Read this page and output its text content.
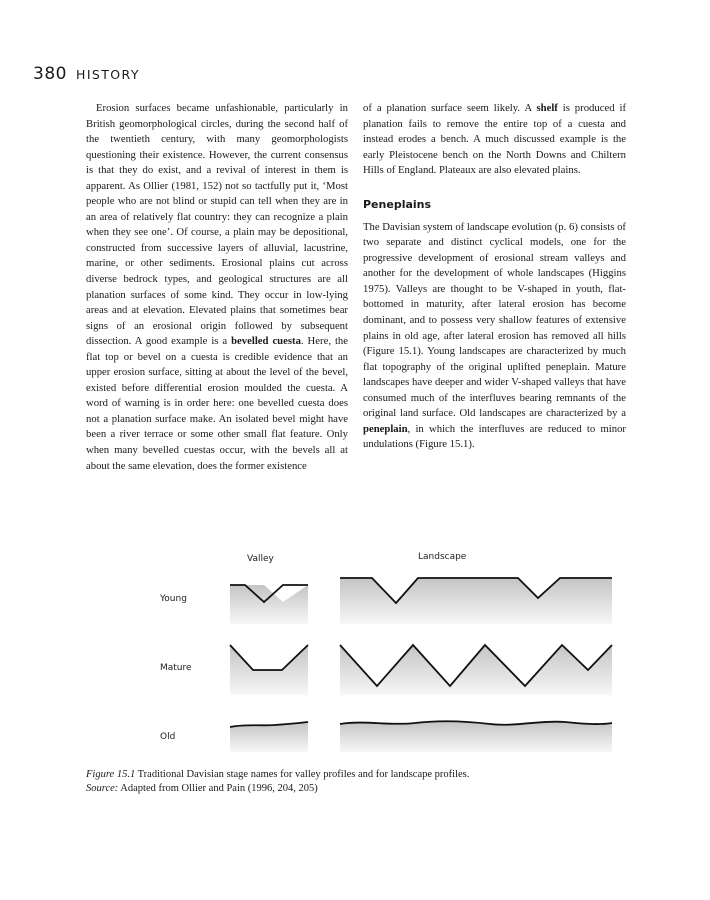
380 HISTORY

Erosion surfaces became unfashionable, particularly in British geomorphological circles, during the second half of the twentieth century, with many geomorphologists questioning their existence. However, the current consensus is that they do exist, and a revival of interest in them is apparent. As Ollier (1981, 152) not so tactfully put it, ‘Most people who are not blind or stupid can tell when they are in an area of relatively flat country: they can recognize a plain when they see one’. Of course, a plain may be depositional, constructed from successive layers of alluvial, lacustrine, marine, or other sediments. Erosional plains cut across diverse bedrock types, and geological structures are all planation surfaces of some kind. They occur in low-lying areas and at elevation. Elevated plains that sometimes bear signs of an erosional origin followed by subsequent dissection. A good example is a bevelled cuesta. Here, the flat top or bevel on a cuesta is credible evidence that an upper erosion surface, sitting at about the level of the bevel, existed before differential erosion moulded the cuesta. A word of warning is in order here: one bevelled cuesta does not a planation surface make. An isolated bevel might have been a river terrace or some other small flat feature. Only when many bevelled cuestas occur, with the bevels all at about the same elevation, does the former existence

of a planation surface seem likely. A shelf is produced if planation fails to remove the entire top of a cuesta and instead erodes a bench. A much discussed example is the early Pleistocene bench on the North Downs and Chiltern Hills of England. Plateaux are also elevated plains.

Peneplains

The Davisian system of landscape evolution (p. 6) consists of two separate and distinct cyclical models, one for the progressive development of erosional stream valleys and another for the development of whole landscapes (Higgins 1975). Valleys are thought to be V-shaped in youth, flat-bottomed in maturity, after lateral erosion has become dominant, and to possess very shallow features of extensive plains in old age, after lateral erosion has removed all hills (Figure 15.1). Young landscapes are characterized by much flat topography of the original uplifted peneplain. Mature landscapes have deeper and wider V-shaped valleys that have consumed much of the interfluves bearing remnants of the original land surface. Old landscapes are characterized by a peneplain, in which the interfluves are reduced to minor undulations (Figure 15.1).

Valley	Landscape
Young
Mature
Old
Figure 15.1 Traditional Davisian stage names for valley profiles and for landscape profiles.
Source: Adapted from Ollier and Pain (1996, 204, 205)
